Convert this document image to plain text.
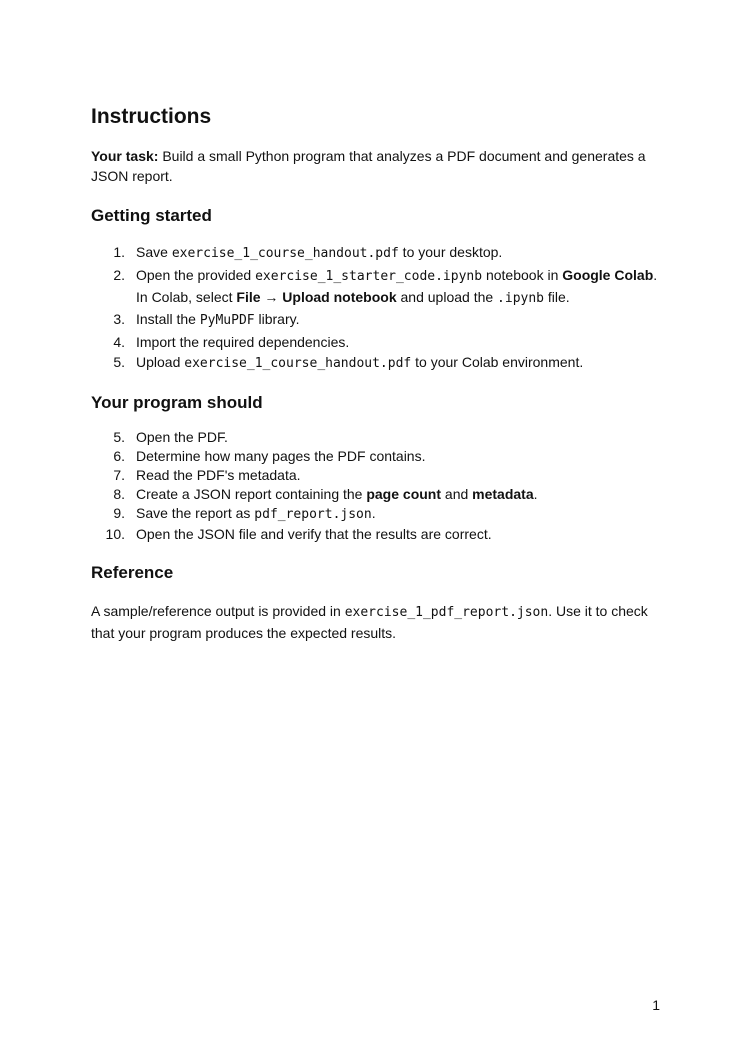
Instructions

Your task: Build a small Python program that analyzes a PDF document and generates a JSON report.

Getting started
1. Save exercise_1_course_handout.pdf to your desktop.
2. Open the provided exercise_1_starter_code.ipynb notebook in Google Colab. In Colab, select File → Upload notebook and upload the .ipynb file.
3. Install the PyMuPDF library.
4. Import the required dependencies.
5. Upload exercise_1_course_handout.pdf to your Colab environment.
Your program should
5. Open the PDF.
6. Determine how many pages the PDF contains.
7. Read the PDF's metadata.
8. Create a JSON report containing the page count and metadata.
9. Save the report as pdf_report.json.
10. Open the JSON file and verify that the results are correct.
Reference

A sample/reference output is provided in exercise_1_pdf_report.json. Use it to check that your program produces the expected results.

1
